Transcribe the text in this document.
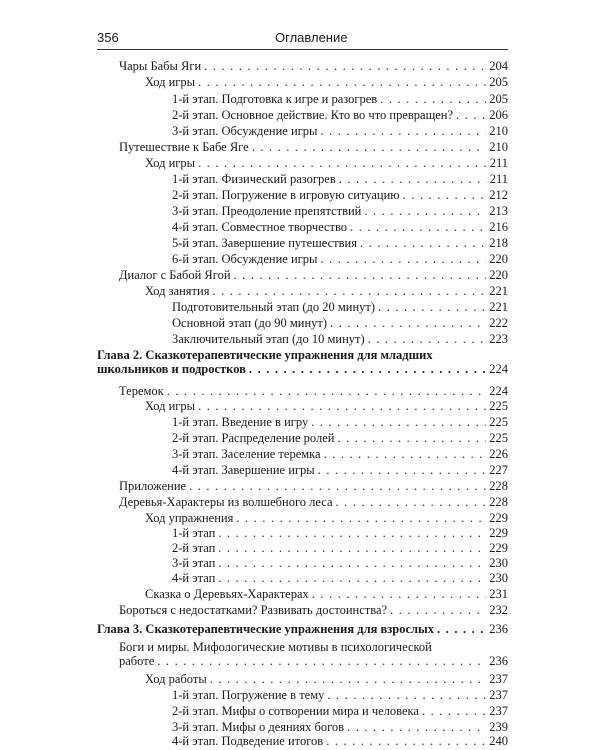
356	Оглавление
Чары Бабы Яги . . .	204
Ход игры . . .	205
1-й этап. Подготовка к игре и разогрев . . .	205
2-й этап. Основное действие. Кто во что превращен? . . .	206
3-й этап. Обсуждение игры . . .	210
Путешествие к Бабе Яге . . .	210
Ход игры . . .	211
1-й этап. Физический разогрев . . .	211
2-й этап. Погружение в игровую ситуацию . . .	212
3-й этап. Преодоление препятствий . . .	213
4-й этап. Совместное творчество . . .	216
5-й этап. Завершение путешествия . . .	218
6-й этап. Обсуждение игры . . .	220
Диалог с Бабой Ягой . . .	220
Ход занятия . . .	221
Подготовительный этап (до 20 минут) . . .	221
Основной этап (до 90 минут) . . .	222
Заключительный этап (до 10 минут) . . .	223
Глава 2. Сказкотерапевтические упражнения для младших
школьников и подростков . . .	224
Теремок . . .	224
Ход игры . . .	225
1-й этап. Введение в игру . . .	225
2-й этап. Распределение ролей . . .	225
3-й этап. Заселение теремка . . .	226
4-й этап. Завершение игры . . .	227
Приложение . . .	228
Деревья-Характеры из волшебного леса . . .	228
Ход упражнения . . .	229
1-й этап . . .	229
2-й этап . . .	229
3-й этап . . .	230
4-й этап . . .	230
Сказка о Деревьях-Характерах . . .	231
Бороться с недостатками? Развивать достоинства? . . .	232
Глава 3. Сказкотерапевтические упражнения для взрослых . . .	236
Боги и миры. Мифологические мотивы в психологической
работе . . .	236
Ход работы . . .	237
1-й этап. Погружение в тему . . .	237
2-й этап. Мифы о сотворении мира и человека . . .	237
3-й этап. Мифы о деяниях богов . . .	239
4-й этап. Подведение итогов . . .	240
